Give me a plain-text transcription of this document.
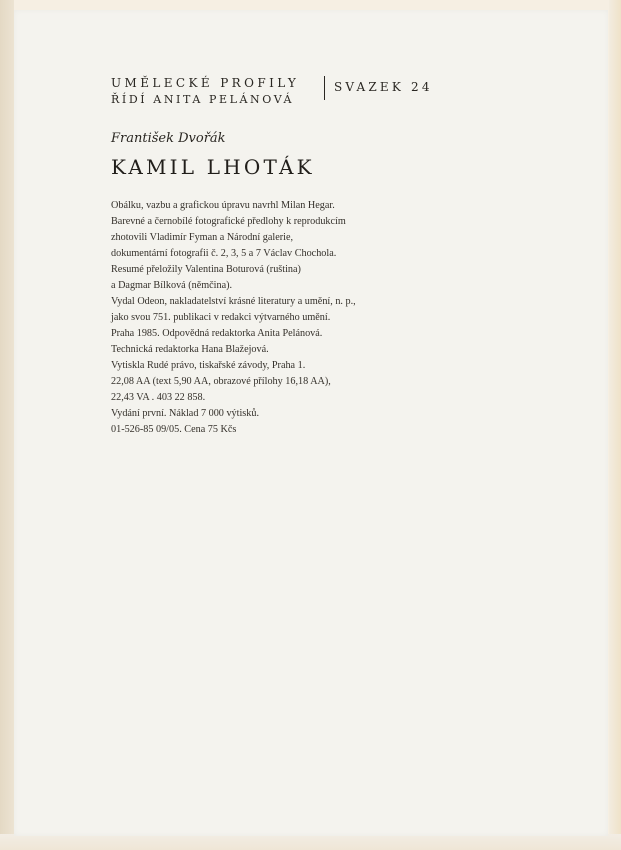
UMĚLECKÉ PROFILY
ŘÍDÍ ANITA PELÁNOVÁ
SVAZEK 24
František Dvořák
KAMIL LHOTÁK
Obálku, vazbu a grafickou úpravu navrhl Milan Hegar.
Barevné a černobílé fotografické předlohy k reprodukcím
zhotovili Vladimír Fyman a Národní galerie,
dokumentární fotografii č. 2, 3, 5 a 7 Václav Chochola.
Resumé přeložily Valentina Boturová (ruština)
a Dagmar Bílková (němčina).
Vydal Odeon, nakladatelství krásné literatury a umění, n. p.,
jako svou 751. publikaci v redakci výtvarného umění.
Praha 1985. Odpovědná redaktorka Anita Pelánová.
Technická redaktorka Hana Blažejová.
Vytiskla Rudé právo, tiskařské závody, Praha 1.
22,08 AA (text 5,90 AA, obrazové přílohy 16,18 AA),
22,43 VA . 403 22 858.
Vydání první. Náklad 7 000 výtisků.
01-526-85 09/05. Cena 75 Kčs
